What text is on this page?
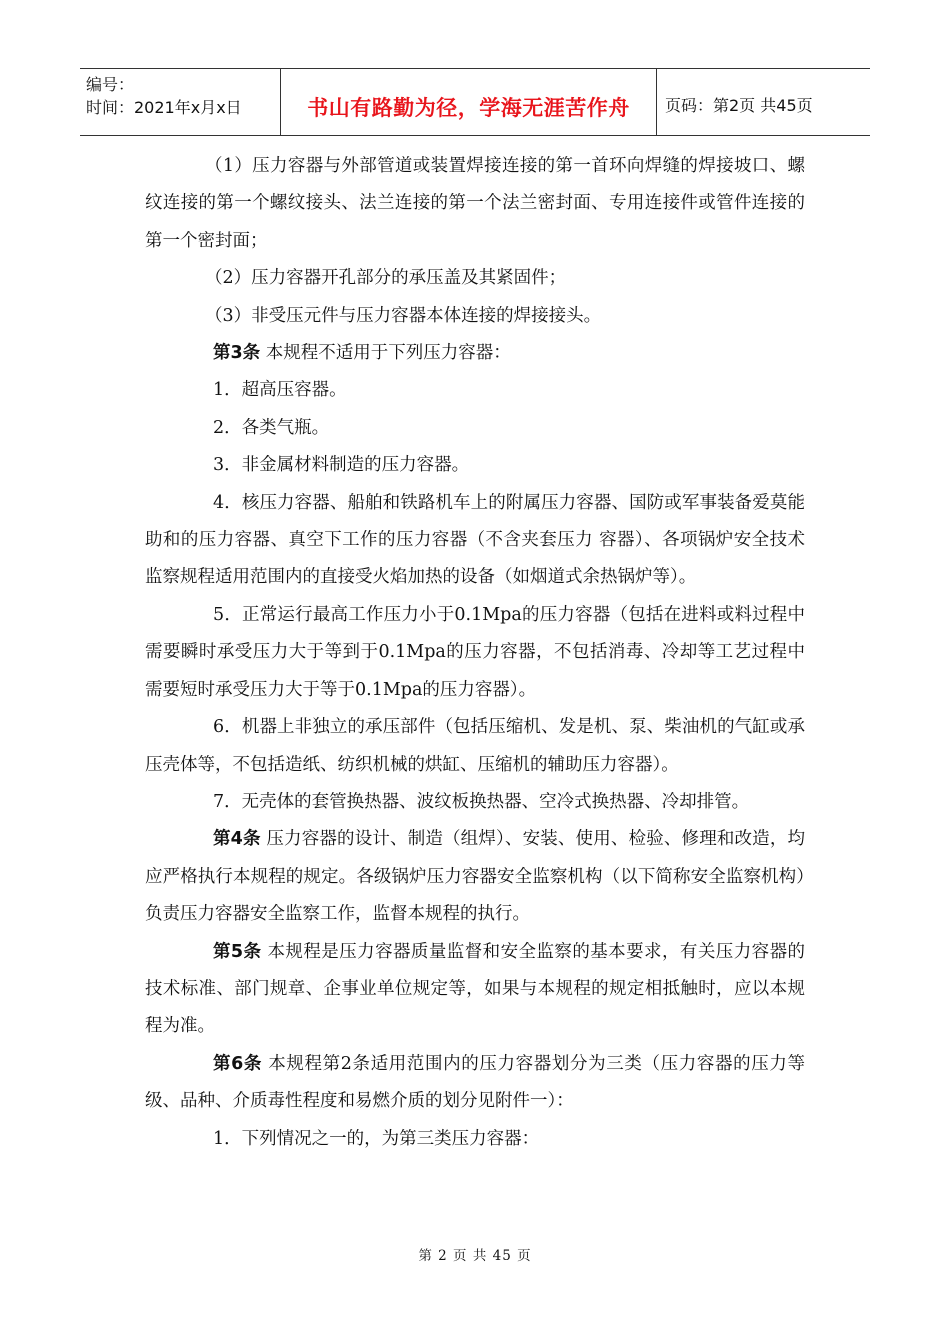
编号：
时间：2021年x月x日	书山有路勤为径，学海无涯苦作舟	页码：第2页 共45页

（1）压力容器与外部管道或装置焊接连接的第一首环向焊缝的焊接坡口、螺纹连接的第一个螺纹接头、法兰连接的第一个法兰密封面、专用连接件或管件连接的第一个密封面；

（2）压力容器开孔部分的承压盖及其紧固件；

（3）非受压元件与压力容器本体连接的焊接接头。

第3条 本规程不适用于下列压力容器：

1．超高压容器。

2．各类气瓶。

3．非金属材料制造的压力容器。

4．核压力容器、船舶和铁路机车上的附属压力容器、国防或军事装备爱莫能助和的压力容器、真空下工作的压力容器（不含夹套压力 容器）、各项锅炉安全技术监察规程适用范围内的直接受火焰加热的设备（如烟道式余热锅炉等）。

5．正常运行最高工作压力小于0.1Mpa的压力容器（包括在进料或料过程中需要瞬时承受压力大于等到于0.1Mpa的压力容器，不包括消毒、冷却等工艺过程中需要短时承受压力大于等于0.1Mpa的压力容器）。

6．机器上非独立的承压部件（包括压缩机、发是机、泵、柴油机的气缸或承压壳体等，不包括造纸、纺织机械的烘缸、压缩机的辅助压力容器）。

7．无壳体的套管换热器、波纹板换热器、空冷式换热器、冷却排管。

第4条 压力容器的设计、制造（组焊）、安装、使用、检验、修理和改造，均应严格执行本规程的规定。各级锅炉压力容器安全监察机构（以下简称安全监察机构）负责压力容器安全监察工作，监督本规程的执行。

第5条 本规程是压力容器质量监督和安全监察的基本要求，有关压力容器的技术标准、部门规章、企事业单位规定等，如果与本规程的规定相抵触时，应以本规程为准。

第6条 本规程第2条适用范围内的压力容器划分为三类（压力容器的压力等级、品种、介质毒性程度和易燃介质的划分见附件一）：

1．下列情况之一的，为第三类压力容器：

第 2 页 共 45 页
